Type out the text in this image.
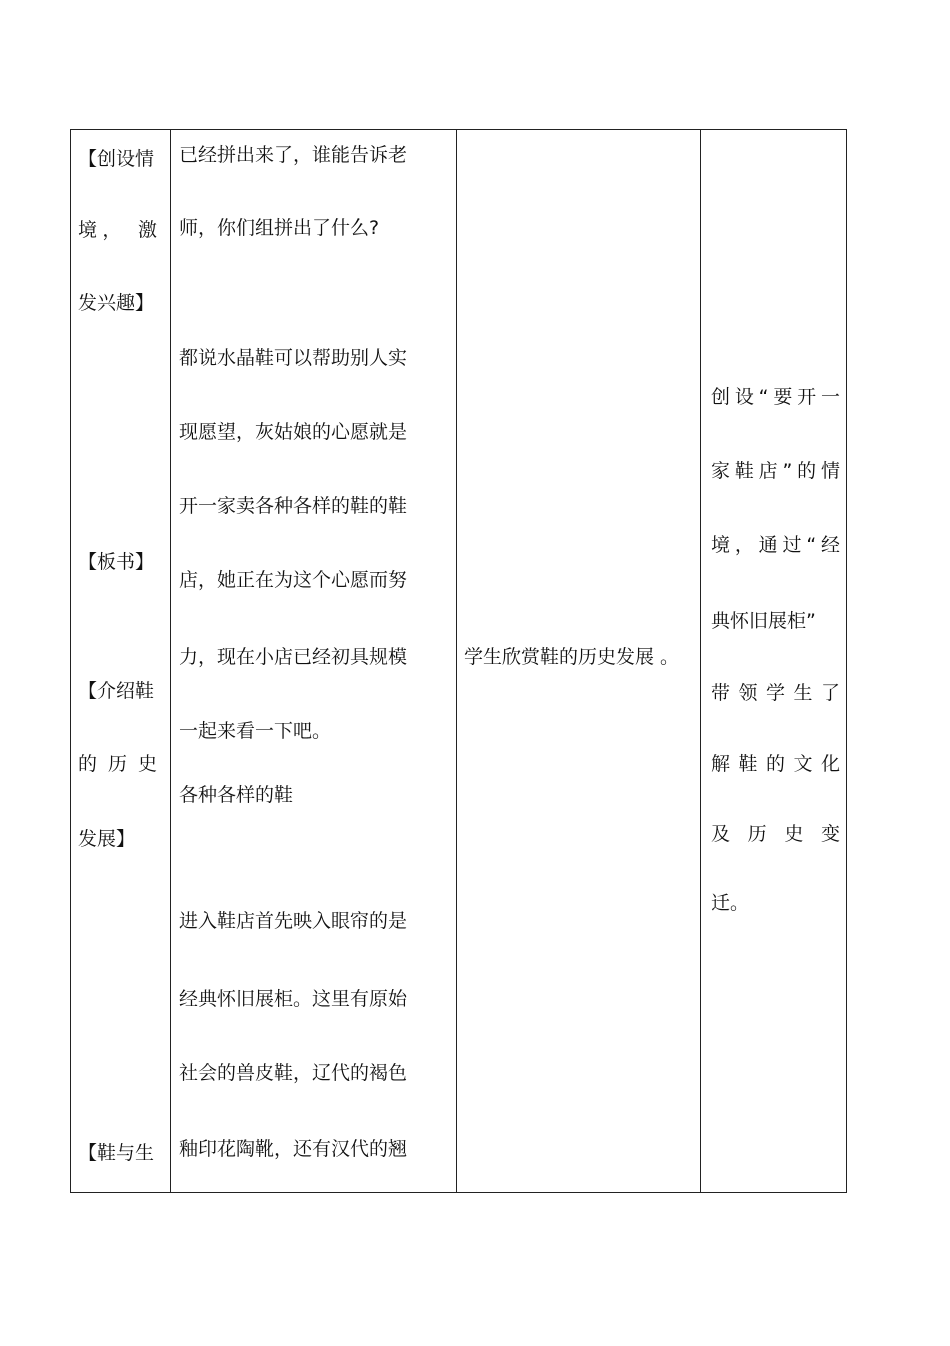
【创设情
境， 激
发兴趣】
【板书】
【介绍鞋
的 历 史
发展】
【鞋与生

已经拼出来了，谁能告诉老
师，你们组拼出了什么?
都说水晶鞋可以帮助别人实
现愿望，灰姑娘的心愿就是
开一家卖各种各样的鞋的鞋
店，她正在为这个心愿而努
力，现在小店已经初具规模
一起来看一下吧。
各种各样的鞋
进入鞋店首先映入眼帘的是
经典怀旧展柜。这里有原始
社会的兽皮鞋，辽代的褐色
釉印花陶靴，还有汉代的翘

学生欣赏鞋的历史发展 。

创设“要开一
家鞋店”的情
境，通过“经
典怀旧展柜”
带领学生了
解鞋的文化
及 历 史 变
迁。
